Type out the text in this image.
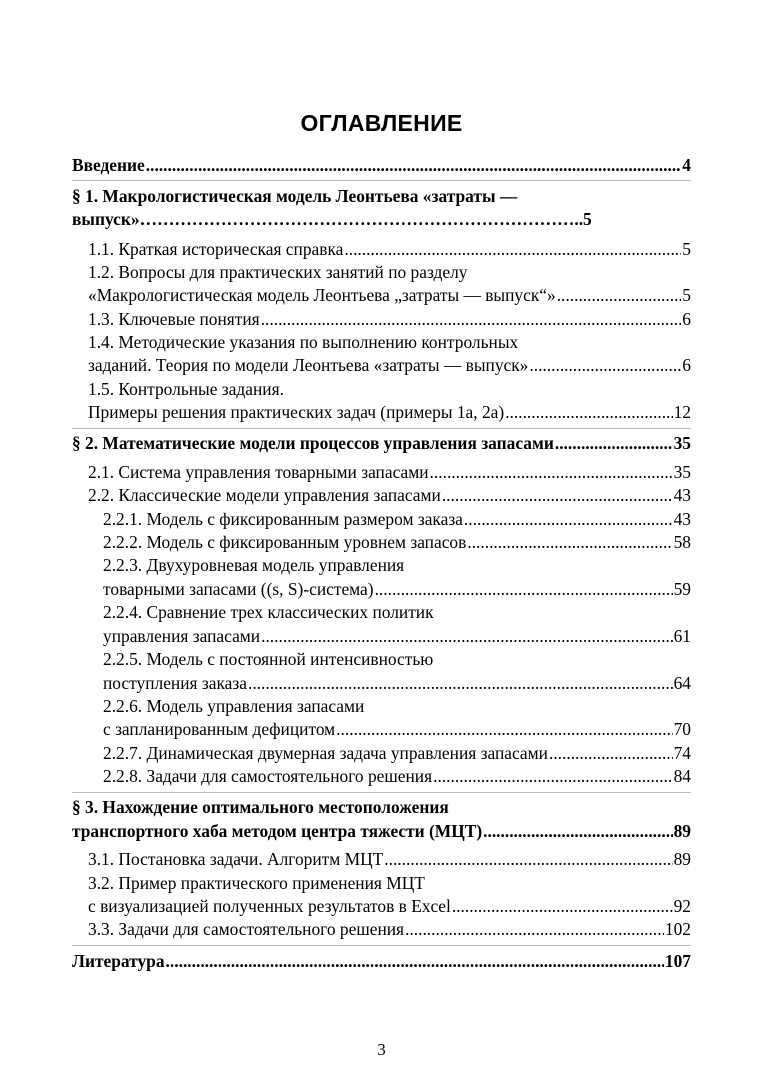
ОГЛАВЛЕНИЕ
Введение .....	4
§ 1. Макрологистическая модель Леонтьева «затраты —
выпуск»…………………………………………………………………..5
1.1. Краткая историческая справка .....	5
1.2. Вопросы для практических занятий по разделу
«Макрологистическая модель Леонтьева „затраты — выпуск“» .....	5
1.3. Ключевые понятия .....	6
1.4. Методические указания по выполнению контрольных
заданий. Теория по модели Леонтьева «затраты — выпуск» .....	6
1.5. Контрольные задания.
Примеры решения практических задач (примеры 1а, 2а) .....	12
§ 2. Математические модели процессов управления запасами .....	35
2.1. Система управления товарными запасами .....	35
2.2. Классические модели управления запасами .....	43
2.2.1. Модель с фиксированным размером заказа .....	43
2.2.2. Модель с фиксированным уровнем запасов .....	58
2.2.3. Двухуровневая модель управления
товарными запасами ((s, S)-система) .....	59
2.2.4. Сравнение трех классических политик
управления запасами .....	61
2.2.5. Модель с постоянной интенсивностью
поступления заказа .....	64
2.2.6. Модель управления запасами
с запланированным дефицитом .....	70
2.2.7. Динамическая двумерная задача управления запасами .....	74
2.2.8. Задачи для самостоятельного решения .....	84
§ 3. Нахождение оптимального местоположения
транспортного хаба методом центра тяжести (МЦТ) .....	89
3.1. Постановка задачи. Алгоритм МЦТ .....	89
3.2. Пример практического применения МЦТ
с визуализацией полученных результатов в Excel .....	92
3.3. Задачи для самостоятельного решения .....	102
Литература .....	107
3
